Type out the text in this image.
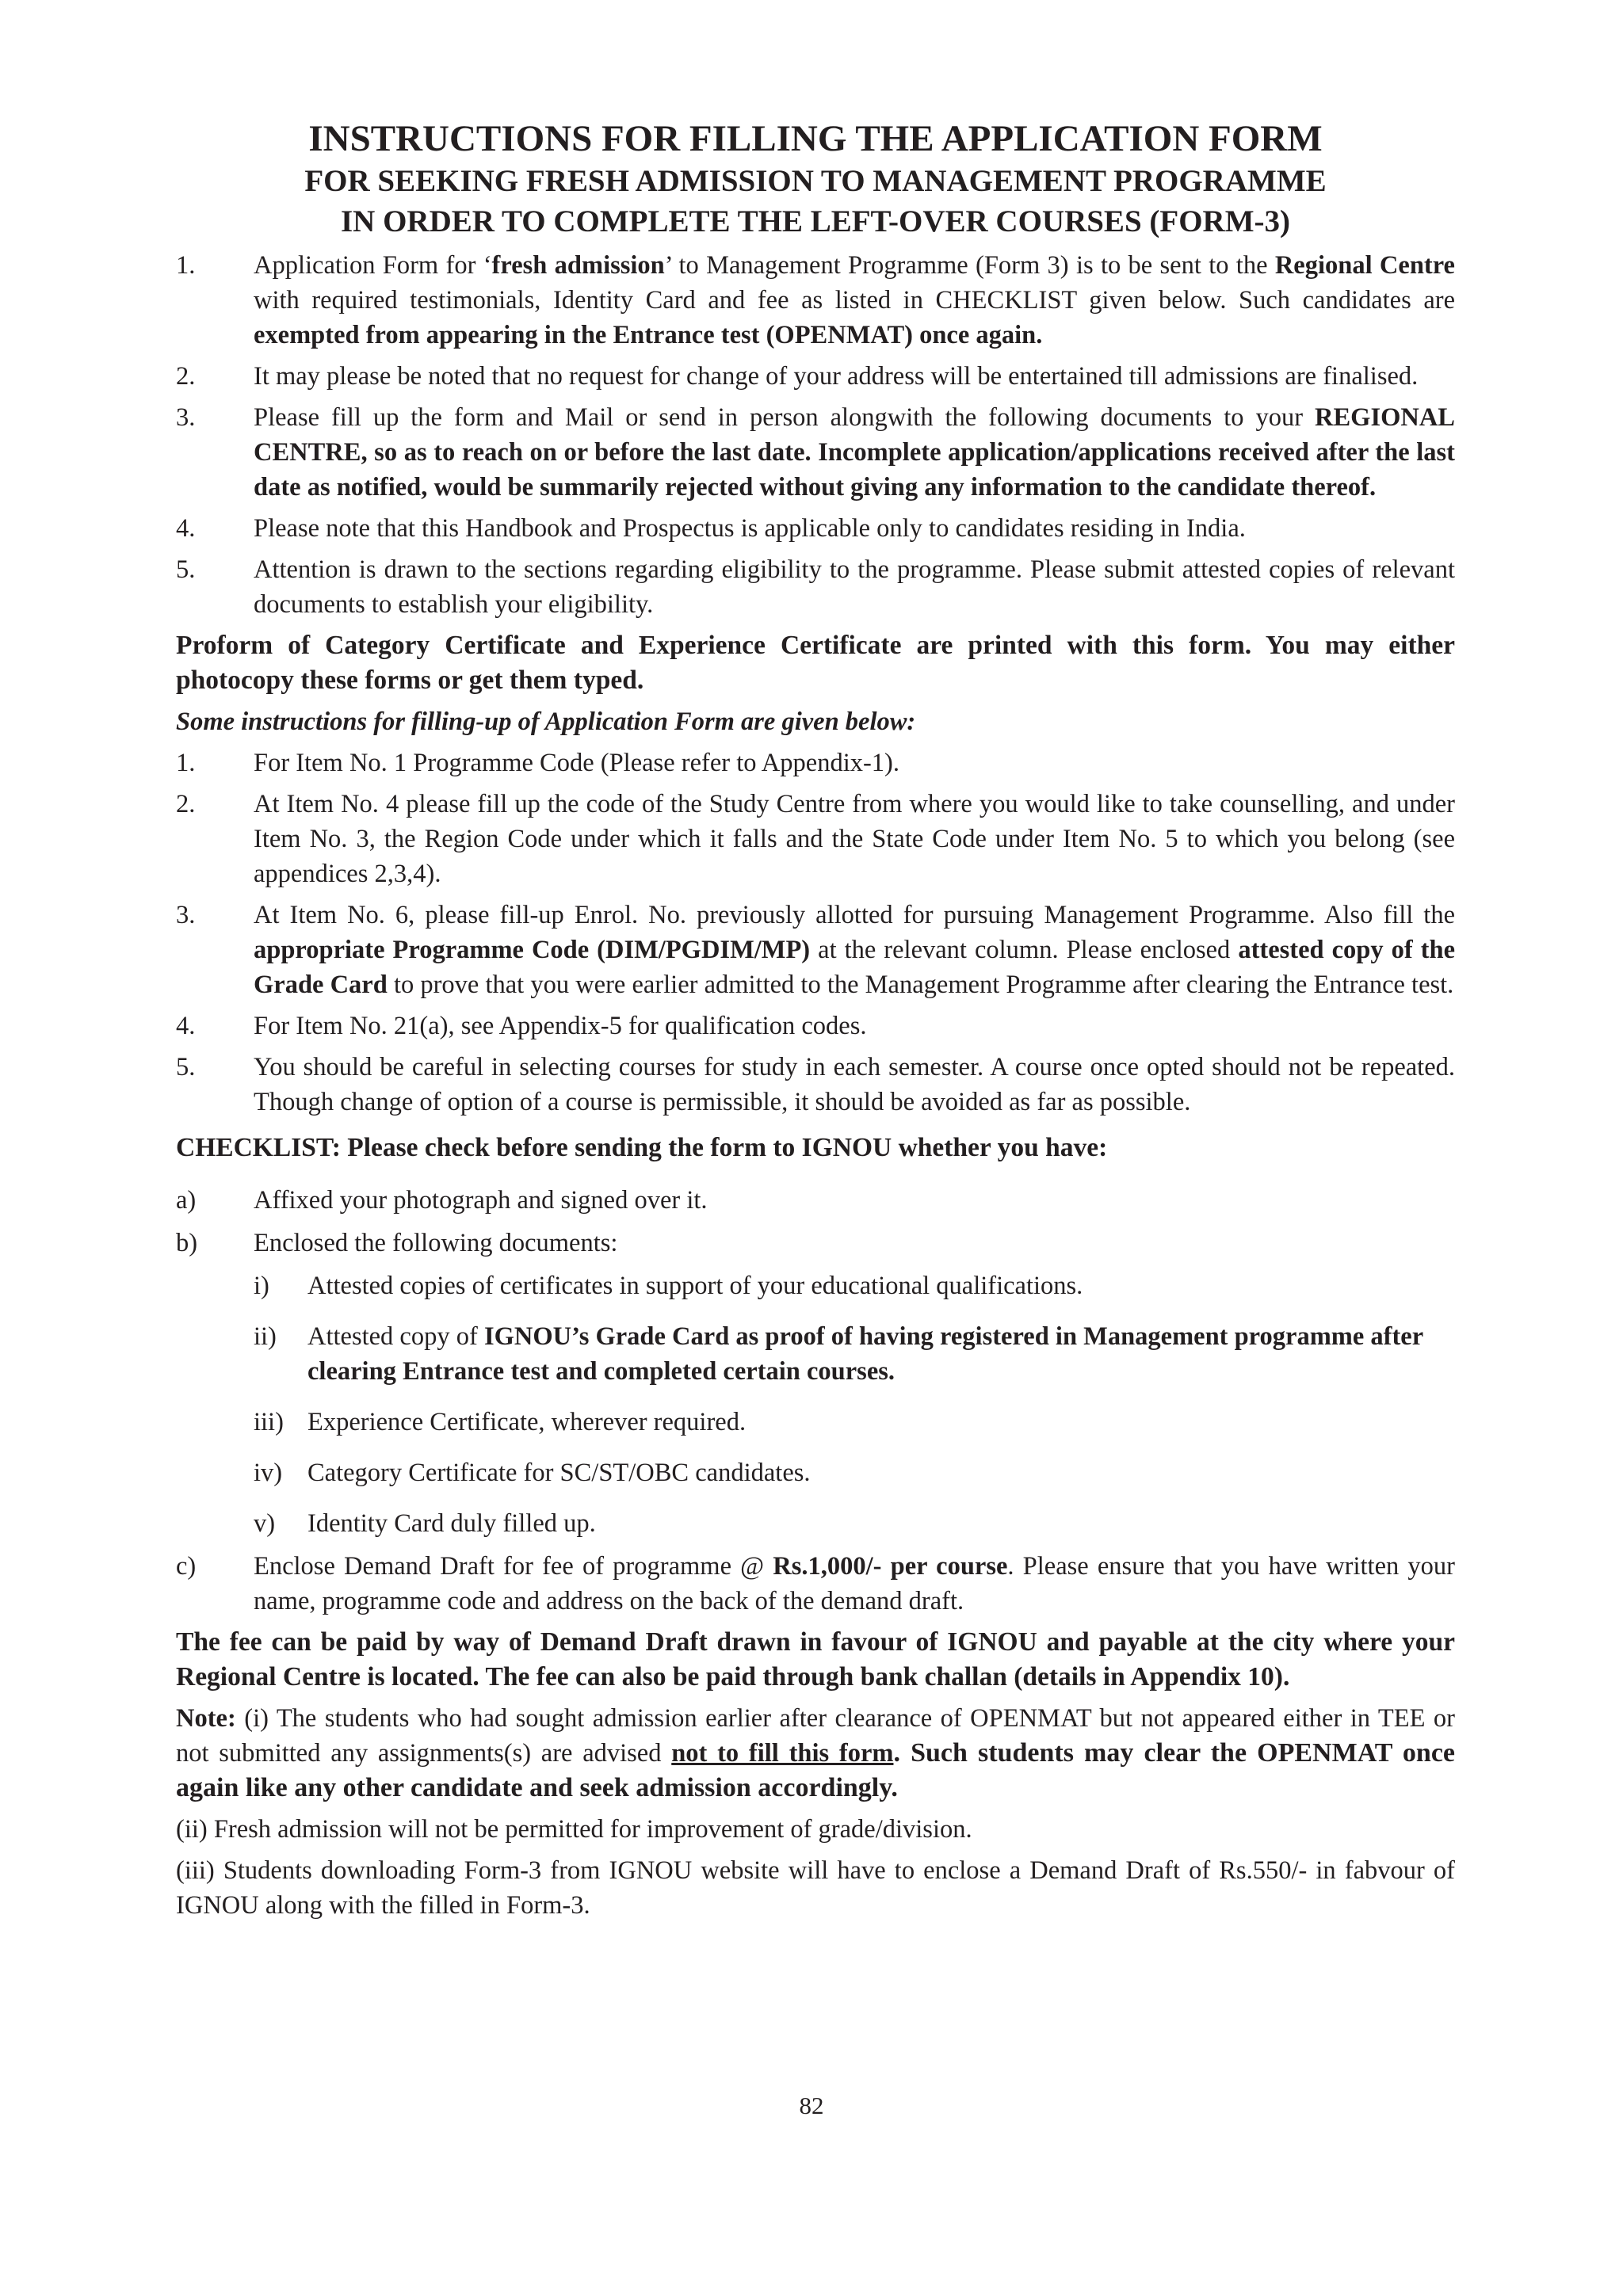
INSTRUCTIONS FOR FILLING THE APPLICATION FORM

FOR SEEKING FRESH ADMISSION TO MANAGEMENT PROGRAMME

IN ORDER TO COMPLETE THE LEFT-OVER COURSES (FORM-3)

1. Application Form for ‘fresh admission’ to Management Programme (Form 3) is to be sent to the Regional Centre with required testimonials, Identity Card and fee as listed in CHECKLIST given below. Such candidates are exempted from appearing in the Entrance test (OPENMAT) once again.
2. It may please be noted that no request for change of your address will be entertained till admissions are finalised.
3. Please fill up the form and Mail or send in person alongwith the following documents to your REGIONAL CENTRE, so as to reach on or before the last date. Incomplete application/applications received after the last date as notified, would be summarily rejected without giving any information to the candidate thereof.
4. Please note that this Handbook and Prospectus is applicable only to candidates residing in India.
5. Attention is drawn to the sections regarding eligibility to the programme. Please submit attested copies of relevant documents to establish your eligibility.

Proform of Category Certificate and Experience Certificate are printed with this form. You may either photocopy these forms or get them typed.

Some instructions for filling-up of Application Form are given below:

1. For Item No. 1 Programme Code (Please refer to Appendix-1).
2. At Item No. 4 please fill up the code of the Study Centre from where you would like to take counselling, and under Item No. 3, the Region Code under which it falls and the State Code under Item No. 5 to which you belong (see appendices 2,3,4).
3. At Item No. 6, please fill-up Enrol. No. previously allotted for pursuing Management Programme. Also fill the appropriate Programme Code (DIM/PGDIM/MP) at the relevant column. Please enclosed attested copy of the Grade Card to prove that you were earlier admitted to the Management Programme after clearing the Entrance test.
4. For Item No. 21(a), see Appendix-5 for qualification codes.
5. You should be careful in selecting courses for study in each semester. A course once opted should not be repeated. Though change of option of a course is permissible, it should be avoided as far as possible.

CHECKLIST: Please check before sending the form to IGNOU whether you have:

a) Affixed your photograph and signed over it.
b) Enclosed the following documents:
i) Attested copies of certificates in support of your educational qualifications.
ii) Attested copy of IGNOU’s Grade Card as proof of having registered in Management programme after clearing Entrance test and completed certain courses.
iii) Experience Certificate, wherever required.
iv) Category Certificate for SC/ST/OBC candidates.
v) Identity Card duly filled up.
c) Enclose Demand Draft for fee of programme @ Rs.1,000/- per course. Please ensure that you have written your name, programme code and address on the back of the demand draft.

The fee can be paid by way of Demand Draft drawn in favour of IGNOU and payable at the city where your Regional Centre is located. The fee can also be paid through bank challan (details in Appendix 10).

Note: (i) The students who had sought admission earlier after clearance of OPENMAT but not appeared either in TEE or not submitted any assignments(s) are advised not to fill this form. Such students may clear the OPENMAT once again like any other candidate and seek admission accordingly.

(ii) Fresh admission will not be permitted for improvement of grade/division.

(iii) Students downloading Form-3 from IGNOU website will have to enclose a Demand Draft of Rs.550/- in fabvour of IGNOU along with the filled in Form-3.

82
